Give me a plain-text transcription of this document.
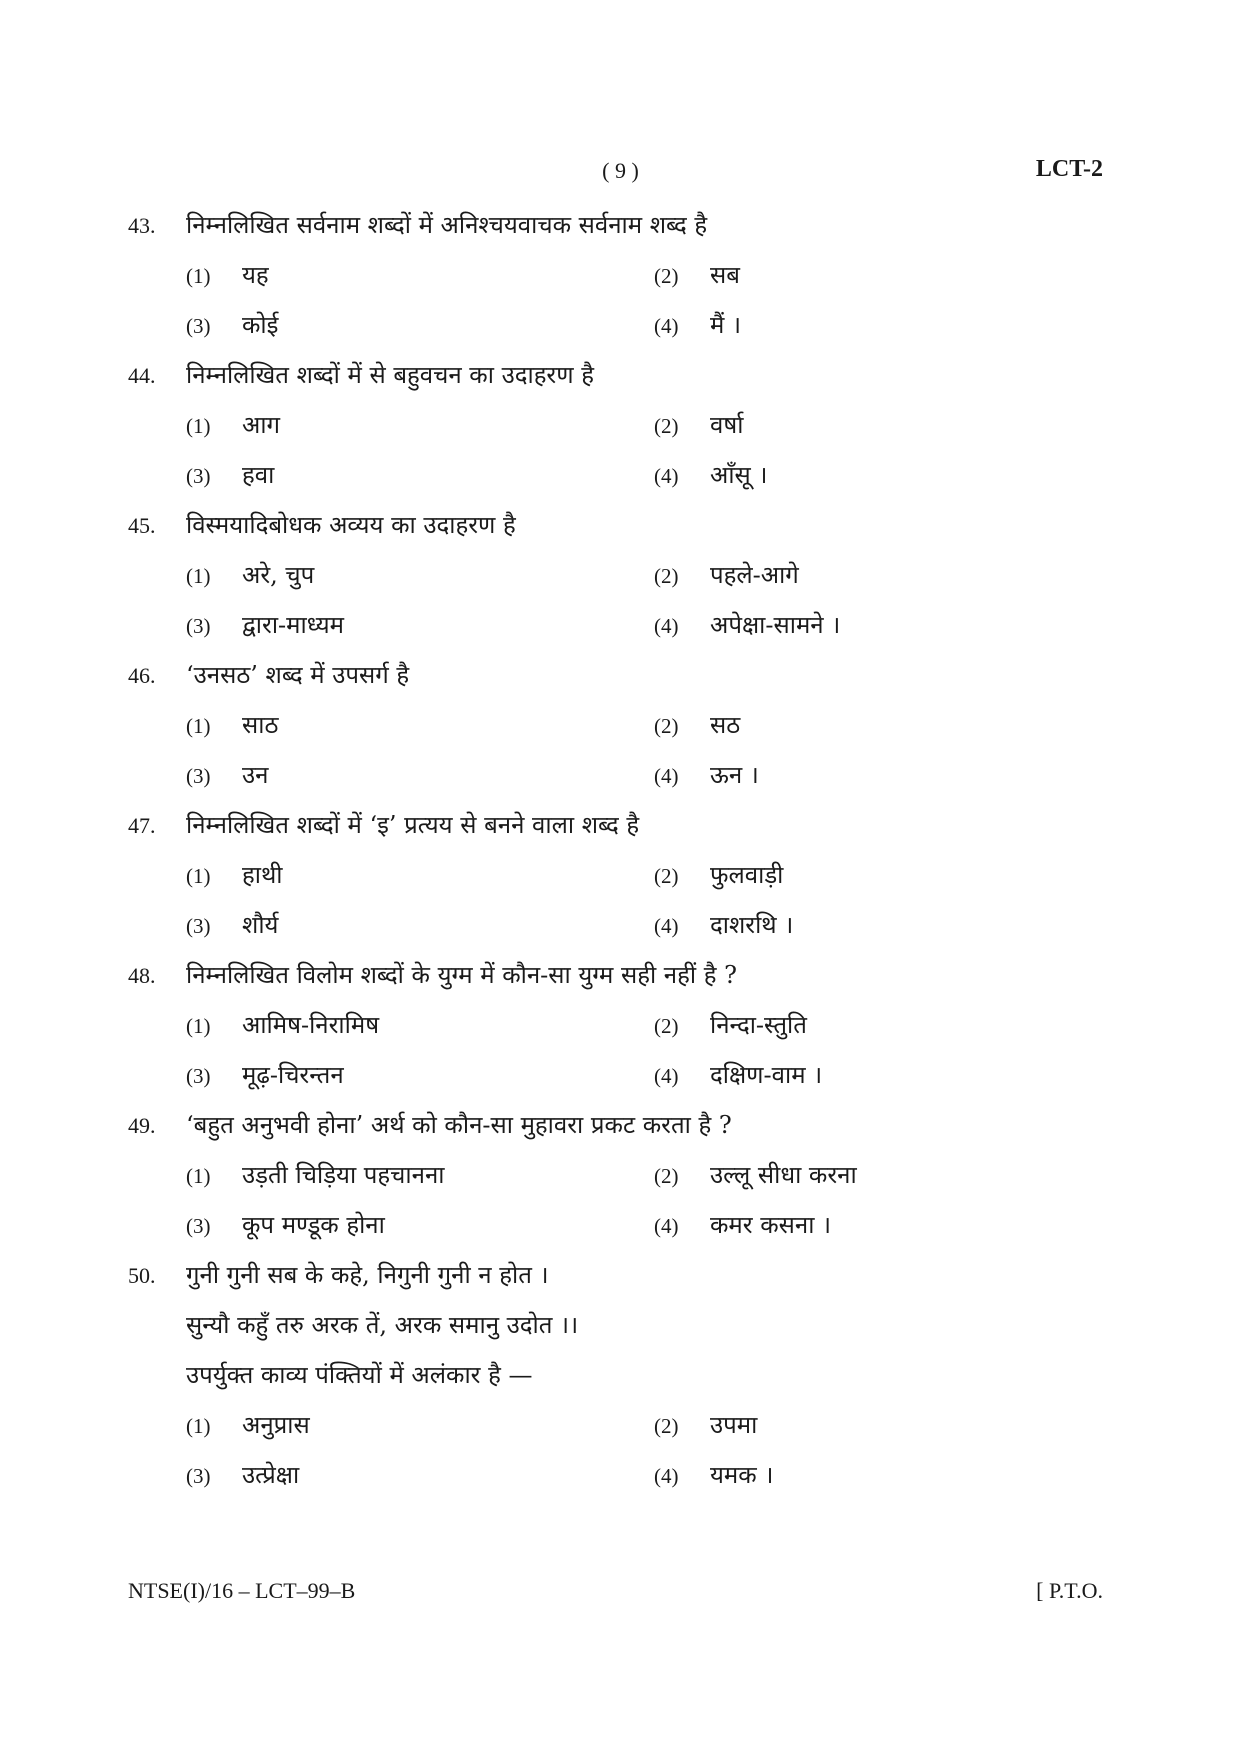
( 9 )	LCT-2
43.	निम्नलिखित सर्वनाम शब्दों में अनिश्चयवाचक सर्वनाम शब्द है
(1)	यह	(2)	सब
(3)	कोई	(4)	मैं ।
44.	निम्नलिखित शब्दों में से बहुवचन का उदाहरण है
(1)	आग	(2)	वर्षा
(3)	हवा	(4)	आँसू ।
45.	विस्मयादिबोधक अव्यय का उदाहरण है
(1)	अरे, चुप	(2)	पहले-आगे
(3)	द्वारा-माध्यम	(4)	अपेक्षा-सामने ।
46.	‘उनसठ’ शब्द में उपसर्ग है
(1)	साठ	(2)	सठ
(3)	उन	(4)	ऊन ।
47.	निम्नलिखित शब्दों में ‘इ’ प्रत्यय से बनने वाला शब्द है
(1)	हाथी	(2)	फुलवाड़ी
(3)	शौर्य	(4)	दाशरथि ।
48.	निम्नलिखित विलोम शब्दों के युग्म में कौन-सा युग्म सही नहीं है ?
(1)	आमिष-निरामिष	(2)	निन्दा-स्तुति
(3)	मूढ़-चिरन्तन	(4)	दक्षिण-वाम ।
49.	‘बहुत अनुभवी होना’ अर्थ को कौन-सा मुहावरा प्रकट करता है ?
(1)	उड़ती चिड़िया पहचानना	(2)	उल्लू सीधा करना
(3)	कूप मण्डूक होना	(4)	कमर कसना ।
50.	गुनी गुनी सब के कहे, निगुनी गुनी न होत ।
सुन्यौ कहुँ तरु अरक तें, अरक समानु उदोत ।।
उपर्युक्त काव्य पंक्तियों में अलंकार है —
(1)	अनुप्रास	(2)	उपमा
(3)	उत्प्रेक्षा	(4)	यमक ।
NTSE(I)/16 – LCT–99–B	[ P.T.O.
